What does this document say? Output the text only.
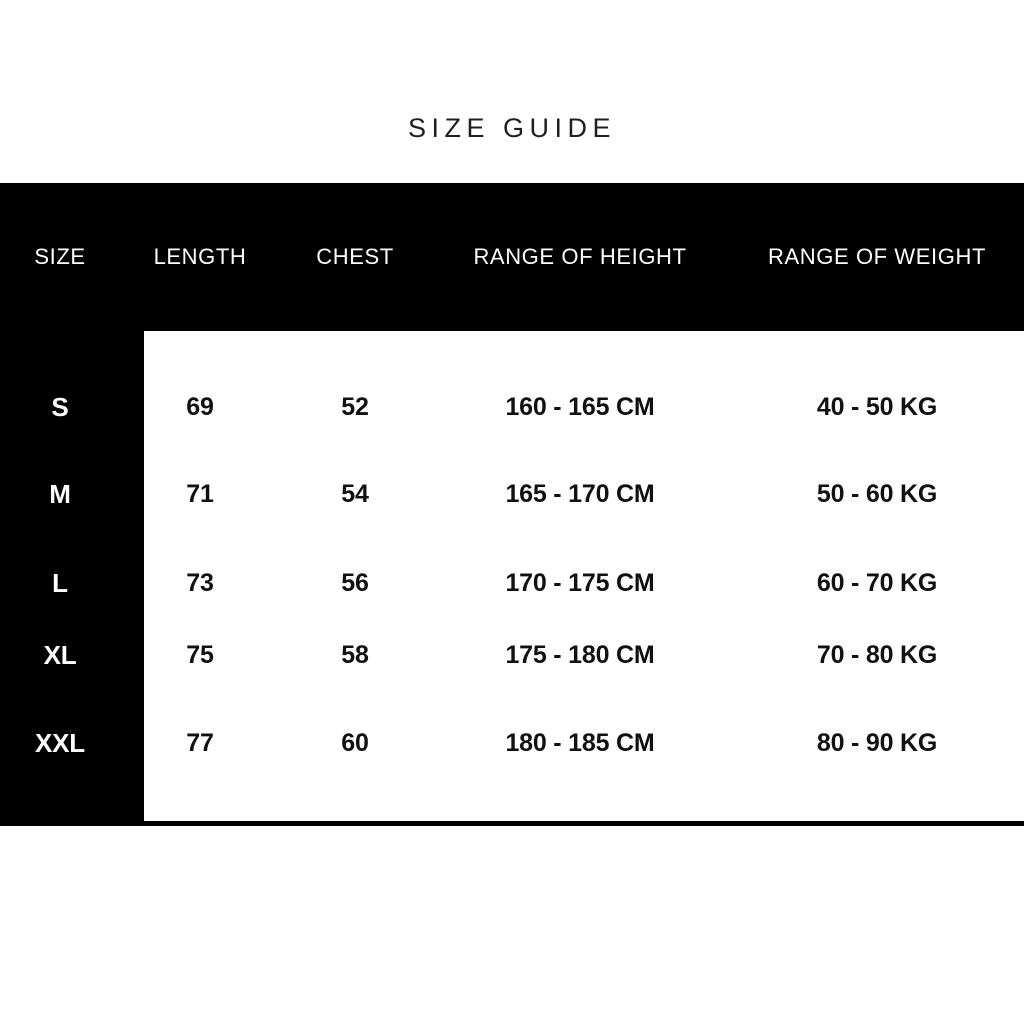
SIZE GUIDE
SIZE	LENGTH	CHEST	RANGE OF HEIGHT	RANGE OF WEIGHT
S	69	52	160 - 165 CM	40 - 50 KG
M	71	54	165 - 170 CM	50 - 60 KG
L	73	56	170 - 175 CM	60 - 70 KG
XL	75	58	175 - 180 CM	70 - 80 KG
XXL	77	60	180 - 185 CM	80 - 90 KG
